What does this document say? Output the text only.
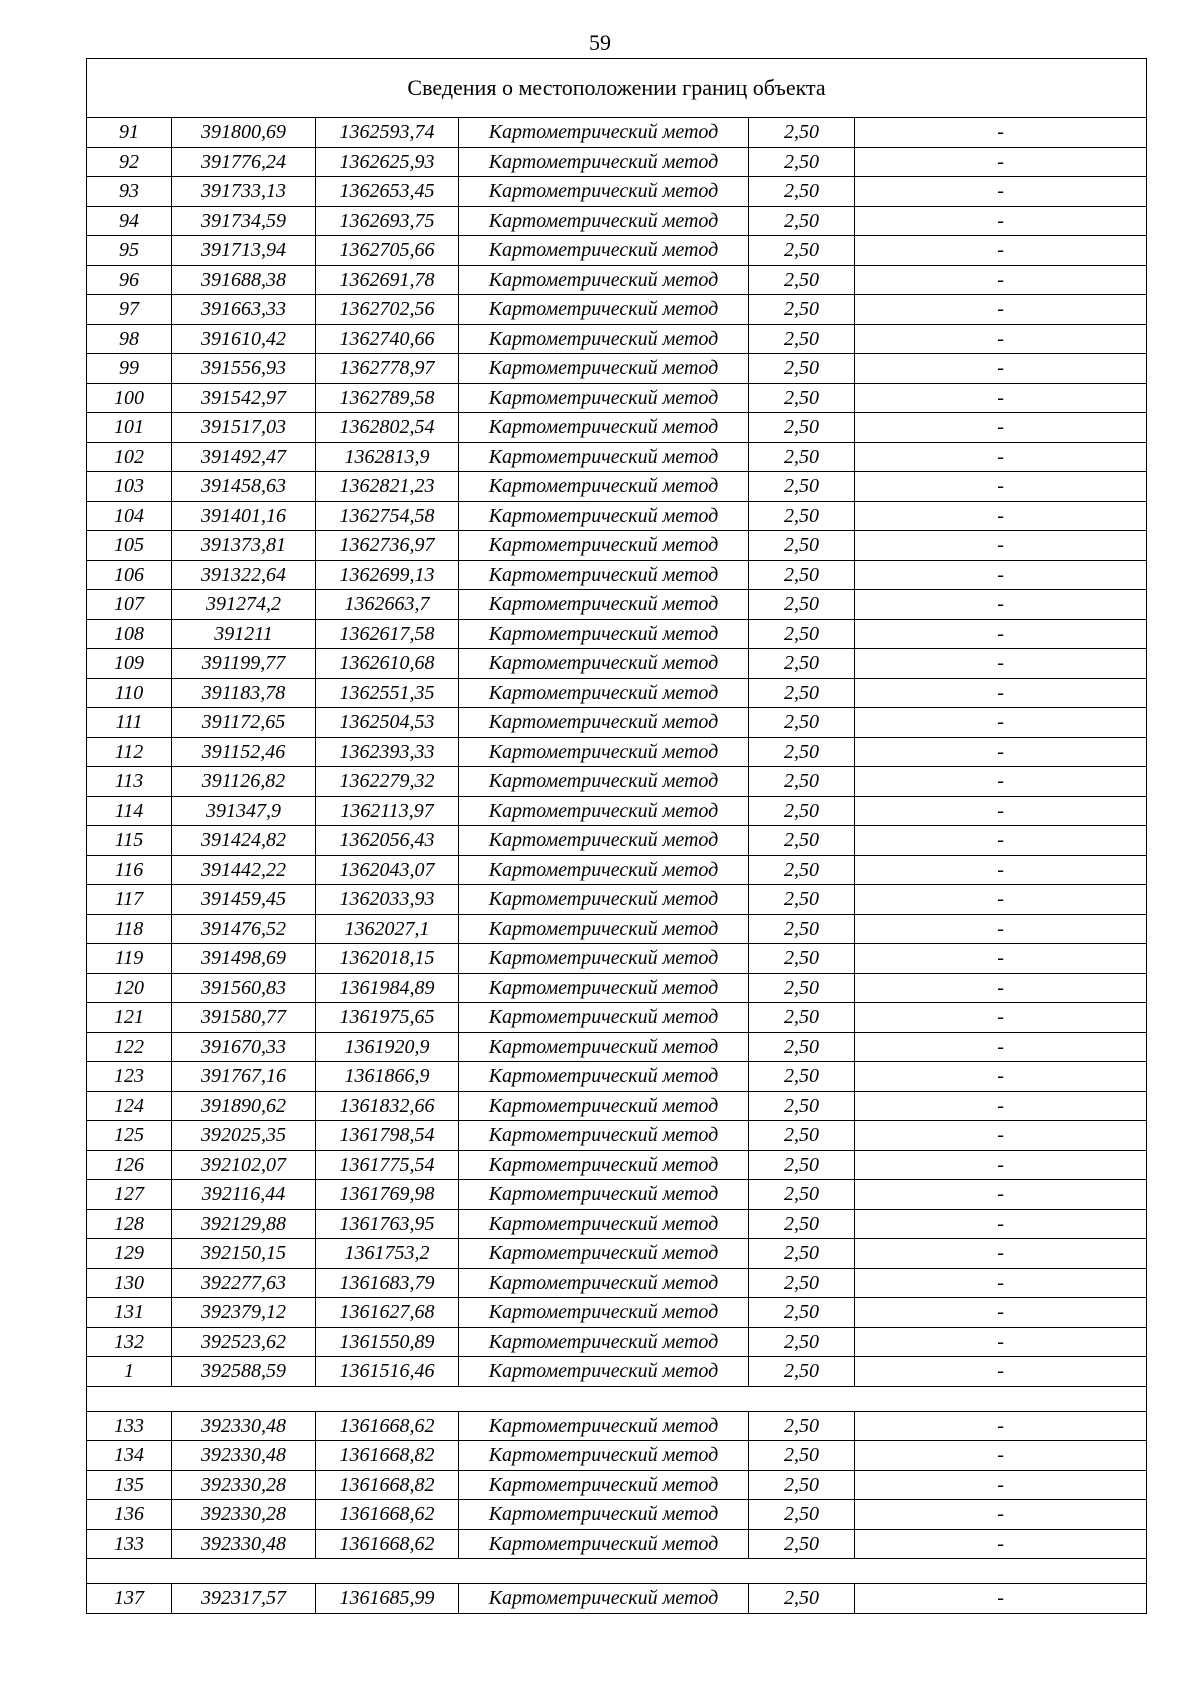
59
Сведения о местоположении границ объекта					
91	391800,69	1362593,74	Картометрический метод	2,50	-
92	391776,24	1362625,93	Картометрический метод	2,50	-
93	391733,13	1362653,45	Картометрический метод	2,50	-
94	391734,59	1362693,75	Картометрический метод	2,50	-
95	391713,94	1362705,66	Картометрический метод	2,50	-
96	391688,38	1362691,78	Картометрический метод	2,50	-
97	391663,33	1362702,56	Картометрический метод	2,50	-
98	391610,42	1362740,66	Картометрический метод	2,50	-
99	391556,93	1362778,97	Картометрический метод	2,50	-
100	391542,97	1362789,58	Картометрический метод	2,50	-
101	391517,03	1362802,54	Картометрический метод	2,50	-
102	391492,47	1362813,9	Картометрический метод	2,50	-
103	391458,63	1362821,23	Картометрический метод	2,50	-
104	391401,16	1362754,58	Картометрический метод	2,50	-
105	391373,81	1362736,97	Картометрический метод	2,50	-
106	391322,64	1362699,13	Картометрический метод	2,50	-
107	391274,2	1362663,7	Картометрический метод	2,50	-
108	391211	1362617,58	Картометрический метод	2,50	-
109	391199,77	1362610,68	Картометрический метод	2,50	-
110	391183,78	1362551,35	Картометрический метод	2,50	-
111	391172,65	1362504,53	Картометрический метод	2,50	-
112	391152,46	1362393,33	Картометрический метод	2,50	-
113	391126,82	1362279,32	Картометрический метод	2,50	-
114	391347,9	1362113,97	Картометрический метод	2,50	-
115	391424,82	1362056,43	Картометрический метод	2,50	-
116	391442,22	1362043,07	Картометрический метод	2,50	-
117	391459,45	1362033,93	Картометрический метод	2,50	-
118	391476,52	1362027,1	Картометрический метод	2,50	-
119	391498,69	1362018,15	Картометрический метод	2,50	-
120	391560,83	1361984,89	Картометрический метод	2,50	-
121	391580,77	1361975,65	Картометрический метод	2,50	-
122	391670,33	1361920,9	Картометрический метод	2,50	-
123	391767,16	1361866,9	Картометрический метод	2,50	-
124	391890,62	1361832,66	Картометрический метод	2,50	-
125	392025,35	1361798,54	Картометрический метод	2,50	-
126	392102,07	1361775,54	Картометрический метод	2,50	-
127	392116,44	1361769,98	Картометрический метод	2,50	-
128	392129,88	1361763,95	Картометрический метод	2,50	-
129	392150,15	1361753,2	Картометрический метод	2,50	-
130	392277,63	1361683,79	Картометрический метод	2,50	-
131	392379,12	1361627,68	Картометрический метод	2,50	-
132	392523,62	1361550,89	Картометрический метод	2,50	-
1	392588,59	1361516,46	Картометрический метод	2,50	-

133	392330,48	1361668,62	Картометрический метод	2,50	-
134	392330,48	1361668,82	Картометрический метод	2,50	-
135	392330,28	1361668,82	Картометрический метод	2,50	-
136	392330,28	1361668,62	Картометрический метод	2,50	-
133	392330,48	1361668,62	Картометрический метод	2,50	-

137	392317,57	1361685,99	Картометрический метод	2,50	-
